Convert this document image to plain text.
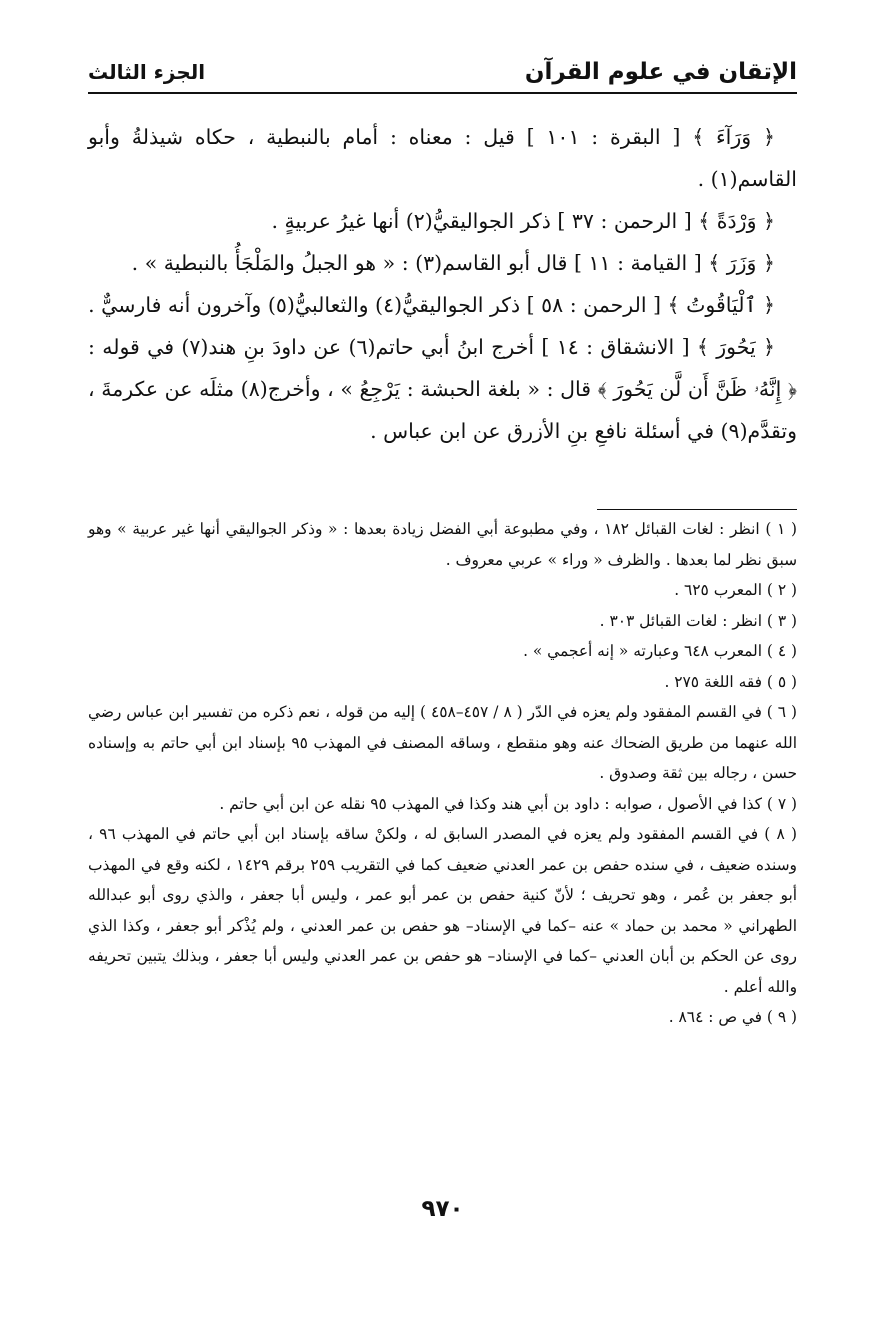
الإتقان في علوم القرآن
الجزء الثالث

﴿ وَرَآءَ ﴾ [ البقرة : ١٠١ ] قيل : معناه : أمام بالنبطية ، حكاه شيذلةُ وأبو القاسم(١) .

﴿ وَرْدَةً ﴾ [ الرحمن : ٣٧ ] ذكر الجواليقيُّ(٢) أنها غيرُ عربيةٍ .

﴿ وَزَرَ ﴾ [ القيامة : ١١ ] قال أبو القاسم(٣) : « هو الجبلُ والمَلْجَأُ بالنبطية » .

﴿ ٱلْيَاقُوتُ ﴾ [ الرحمن : ٥٨ ] ذكر الجواليقيُّ(٤) والثعالبيُّ(٥) وآخرون أنه فارسيٌّ .

﴿ يَحُورَ ﴾ [ الانشقاق : ١٤ ] أخرج ابنُ أبي حاتم(٦) عن داودَ بنِ هند(٧) في قوله : ﴿ إِنَّهُۥ ظَنَّ أَن لَّن يَحُورَ ﴾ قال : « بلغة الحبشة : يَرْجِعُ » ، وأخرج(٨) مثلَه عن عكرمةَ ، وتقدَّم(٩) في أسئلة نافعِ بنِ الأزرق عن ابن عباس .

( ١ ) انظر : لغات القبائل ١٨٢ ، وفي مطبوعة أبي الفضل زيادة بعدها : « وذكر الجواليقي أنها غير عربية » وهو سبق نظر لما بعدها . والظرف « وراء » عربي معروف .

( ٢ ) المعرب ٦٢٥ .

( ٣ ) انظر : لغات القبائل ٣٠٣ .

( ٤ ) المعرب ٦٤٨ وعبارته « إنه أعجمي » .

( ٥ ) فقه اللغة ٢٧٥ .

( ٦ ) في القسم المفقود ولم يعزه في الدّر ( ٨ / ٤٥٧–٤٥٨ ) إليه من قوله ، نعم ذكره من تفسير ابن عباس رضي الله عنهما من طريق الضحاك عنه وهو منقطع ، وساقه المصنف في المهذب ٩٥ بإسناد ابن أبي حاتم به وإسناده حسن ، رجاله بين ثقة وصدوق .

( ٧ ) كذا في الأصول ، صوابه : داود بن أبي هند وكذا في المهذب ٩٥ نقله عن ابن أبي حاتم .

( ٨ ) في القسم المفقود ولم يعزه في المصدر السابق له ، ولكنْ ساقه بإسناد ابن أبي حاتم في المهذب ٩٦ ، وسنده ضعيف ، في سنده حفص بن عمر العدني ضعيف كما في التقريب ٢٥٩ برقم ١٤٢٩ ، لكنه وقع في المهذب أبو جعفر بن عُمر ، وهو تحريف ؛ لأنّ كنية حفص بن عمر أبو عمر ، وليس أبا جعفر ، والذي روى أبو عبدالله الطهراني « محمد بن حماد » عنه –كما في الإسناد– هو حفص بن عمر العدني ، ولم يُذْكر أبو جعفر ، وكذا الذي روى عن الحكم بن أبان العدني –كما في الإسناد– هو حفص بن عمر العدني وليس أبا جعفر ، وبذلك يتبين تحريفه والله أعلم .

( ٩ ) في ص : ٨٦٤ .

٩٧٠
